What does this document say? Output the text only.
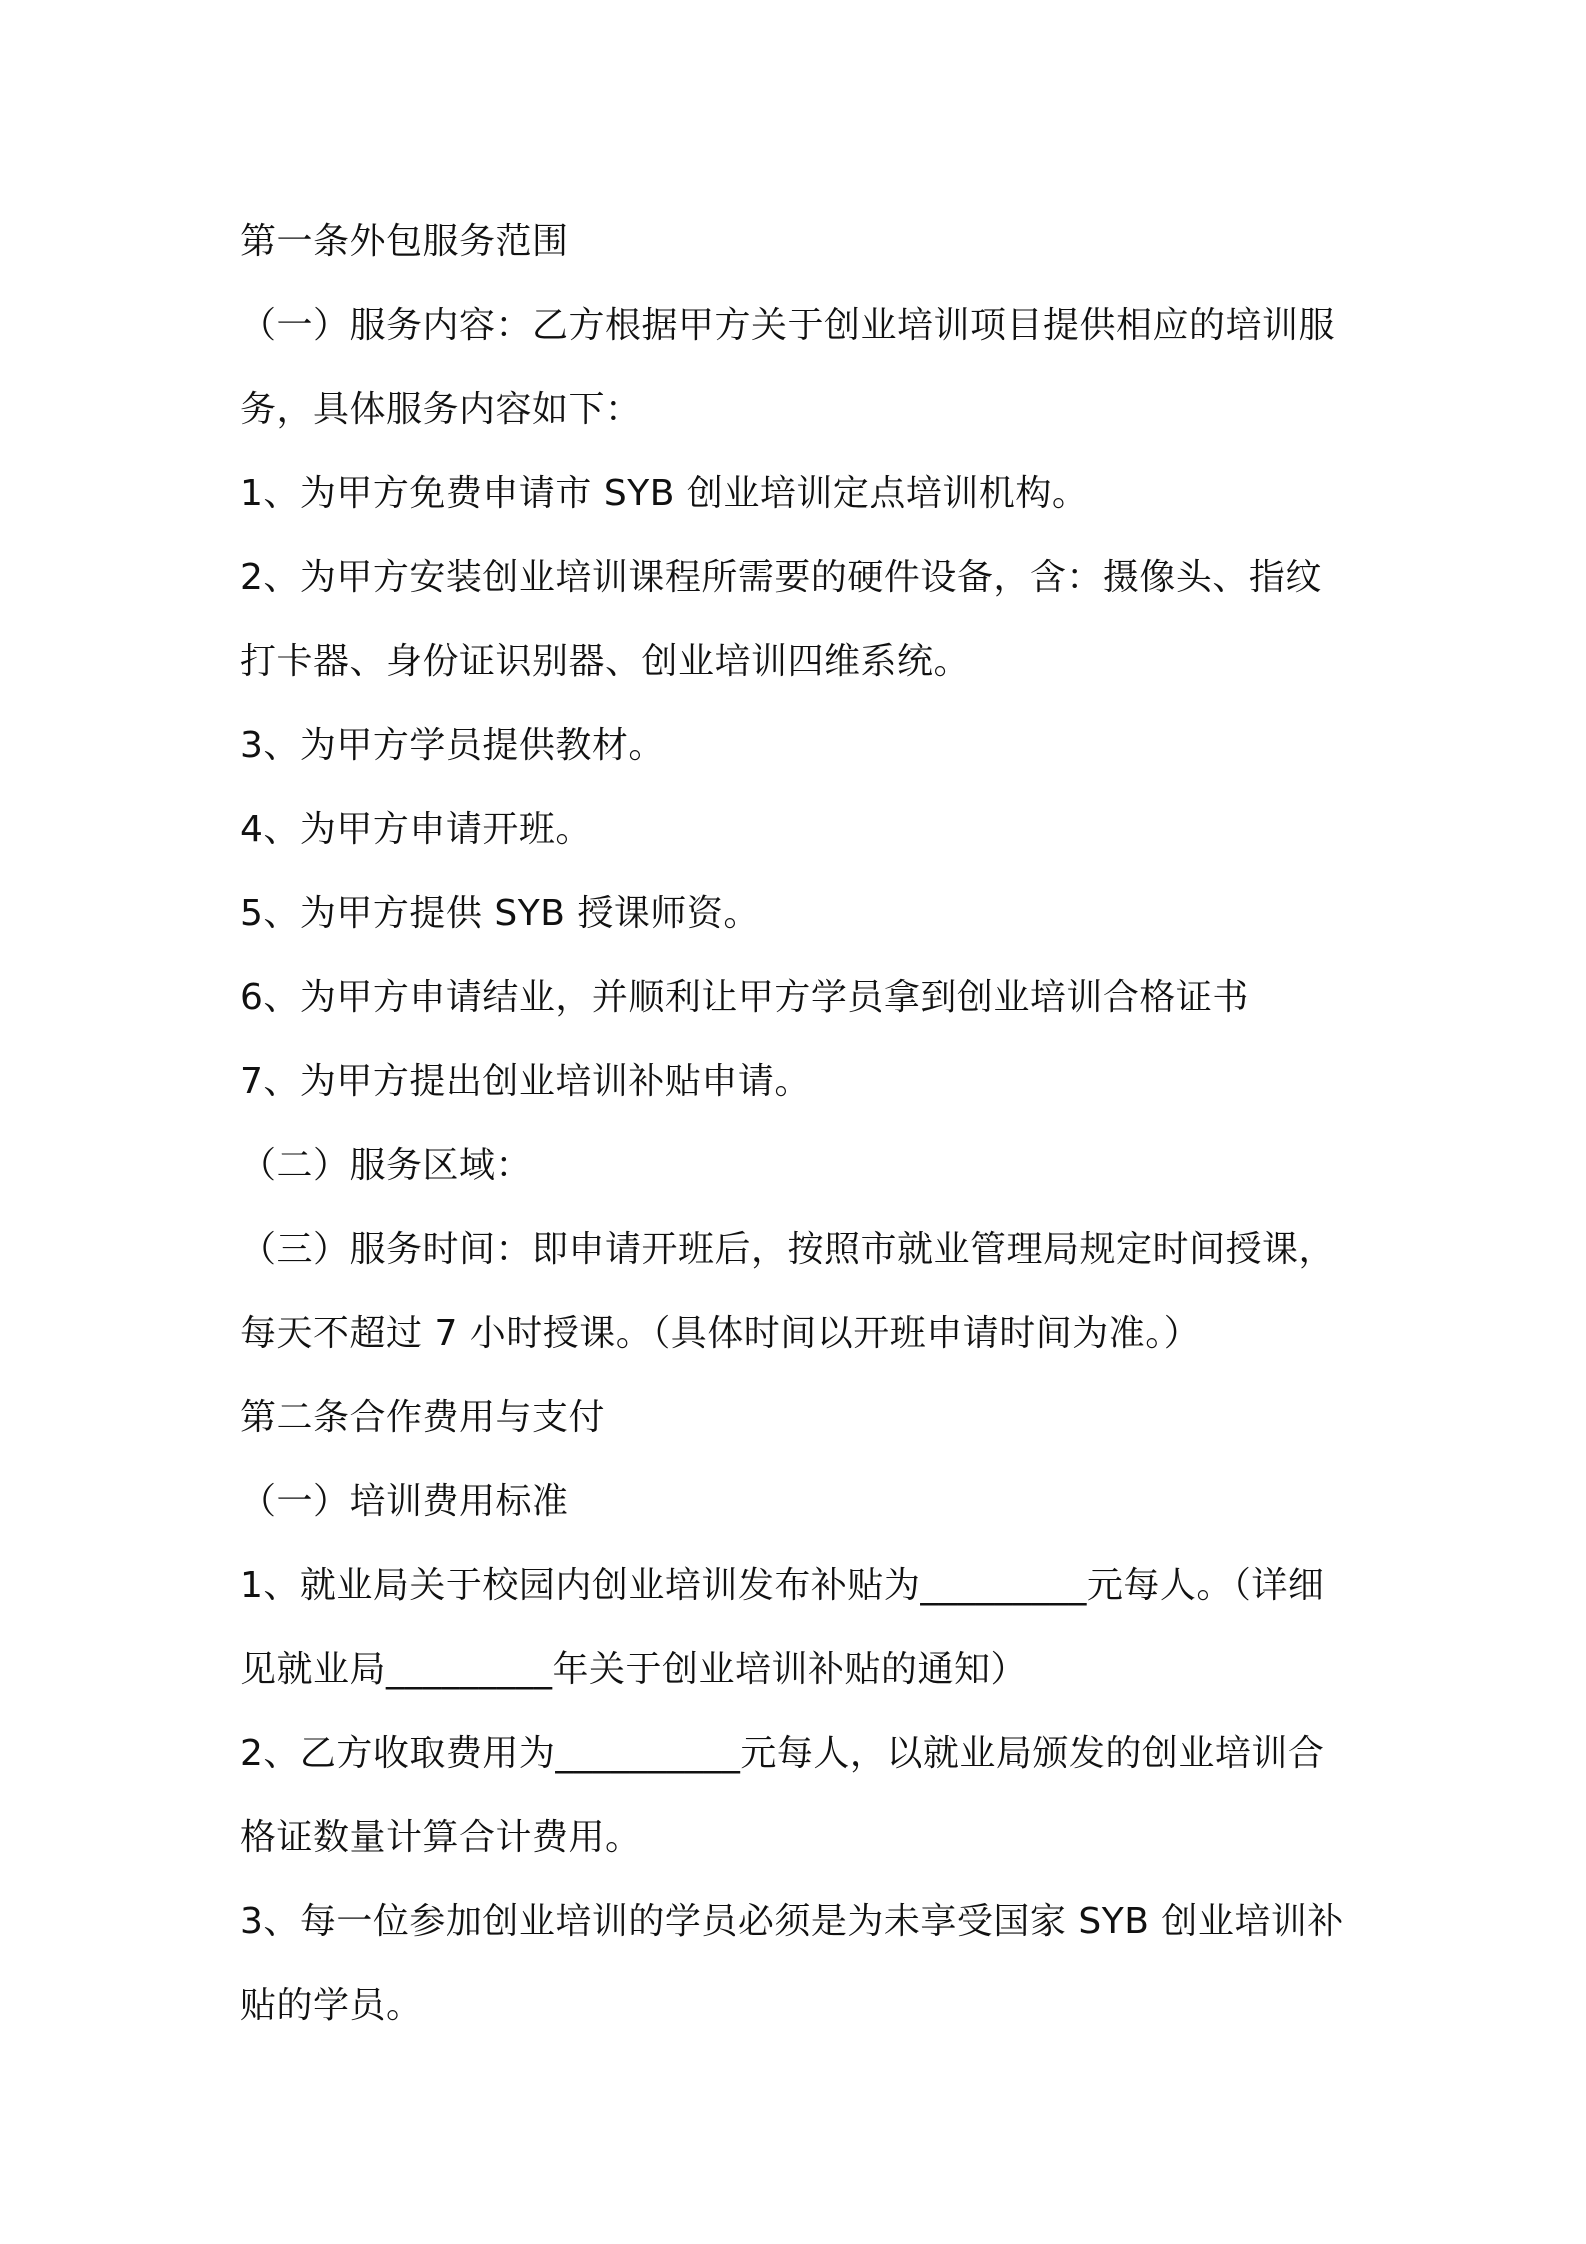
第一条外包服务范围
（一）服务内容：乙方根据甲方关于创业培训项目提供相应的培训服
务，具体服务内容如下：
1、为甲方免费申请市 SYB 创业培训定点培训机构。
2、为甲方安装创业培训课程所需要的硬件设备，含：摄像头、指纹
打卡器、身份证识别器、创业培训四维系统。
3、为甲方学员提供教材。
4、为甲方申请开班。
5、为甲方提供 SYB 授课师资。
6、为甲方申请结业，并顺利让甲方学员拿到创业培训合格证书
7、为甲方提出创业培训补贴申请。
（二）服务区域：
（三）服务时间：即申请开班后，按照市就业管理局规定时间授课，
每天不超过 7 小时授课。（具体时间以开班申请时间为准。）
第二条合作费用与支付
（一）培训费用标准
1、就业局关于校园内创业培训发布补贴为_________元每人。（详细
见就业局_________年关于创业培训补贴的通知）
2、乙方收取费用为__________元每人，以就业局颁发的创业培训合
格证数量计算合计费用。
3、每一位参加创业培训的学员必须是为未享受国家 SYB 创业培训补
贴的学员。
